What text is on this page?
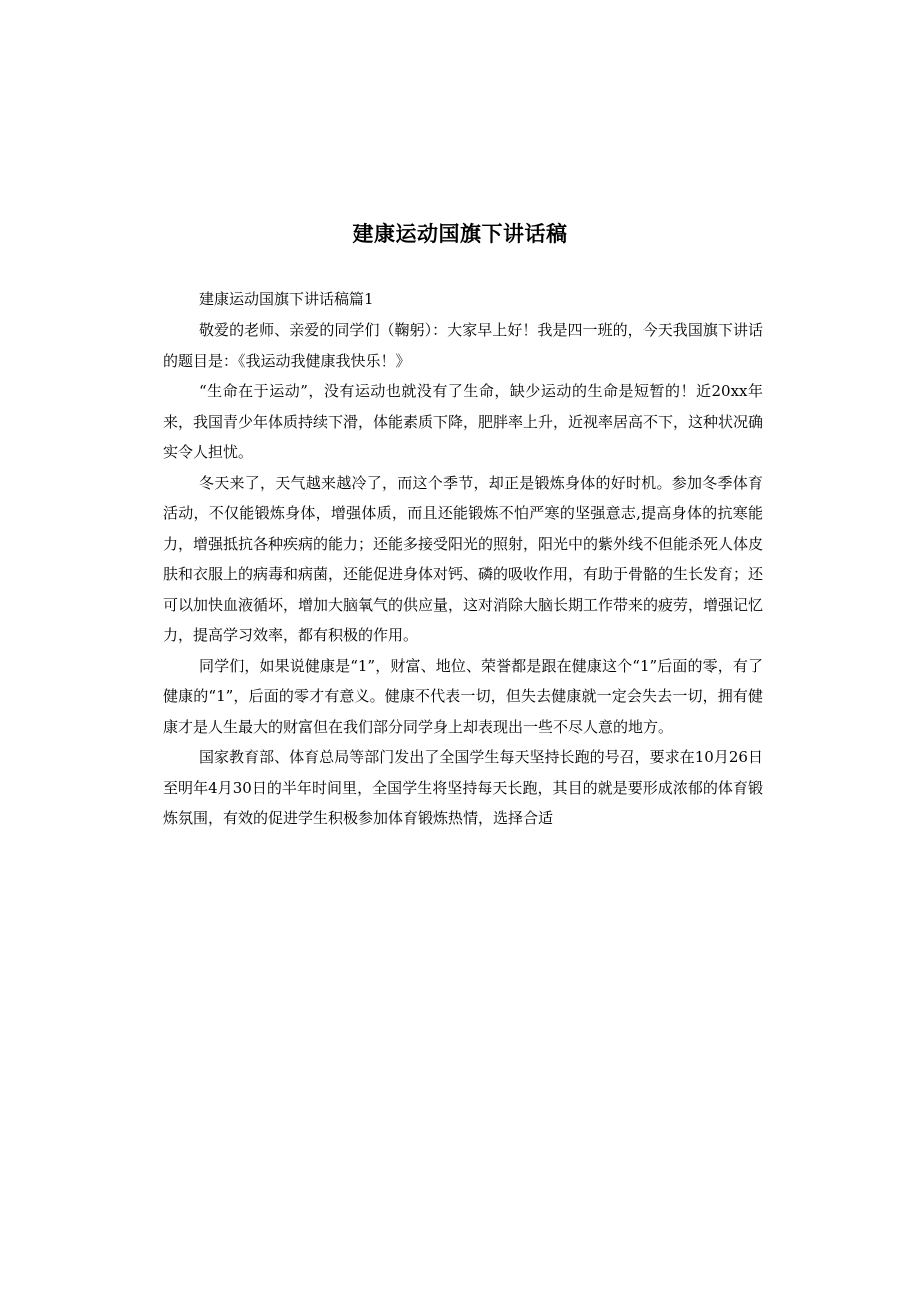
建康运动国旗下讲话稿

建康运动国旗下讲话稿篇1

敬爱的老师、亲爱的同学们（鞠躬）：大家早上好！我是四一班的，今天我国旗下讲话的题目是：《我运动我健康我快乐！》

“生命在于运动”，没有运动也就没有了生命，缺少运动的生命是短暂的！近20xx年来，我国青少年体质持续下滑，体能素质下降，肥胖率上升，近视率居高不下，这种状况确实令人担忧。

冬天来了，天气越来越冷了，而这个季节，却正是锻炼身体的好时机。参加冬季体育活动，不仅能锻炼身体，增强体质，而且还能锻炼不怕严寒的坚强意志,提高身体的抗寒能力，增强抵抗各种疾病的能力；还能多接受阳光的照射，阳光中的紫外线不但能杀死人体皮肤和衣服上的病毒和病菌，还能促进身体对钙、磷的吸收作用，有助于骨骼的生长发育；还可以加快血液循坏，增加大脑氧气的供应量，这对消除大脑长期工作带来的疲劳，增强记忆力，提高学习效率，都有积极的作用。

同学们，如果说健康是“1”，财富、地位、荣誉都是跟在健康这个“1”后面的零，有了健康的“1”，后面的零才有意义。健康不代表一切，但失去健康就一定会失去一切，拥有健康才是人生最大的财富但在我们部分同学身上却表现出一些不尽人意的地方。

国家教育部、体育总局等部门发出了全国学生每天坚持长跑的号召，要求在10月26日至明年4月30日的半年时间里，全国学生将坚持每天长跑，其目的就是要形成浓郁的体育锻炼氛围，有效的促进学生积极参加体育锻炼热情，选择合适
